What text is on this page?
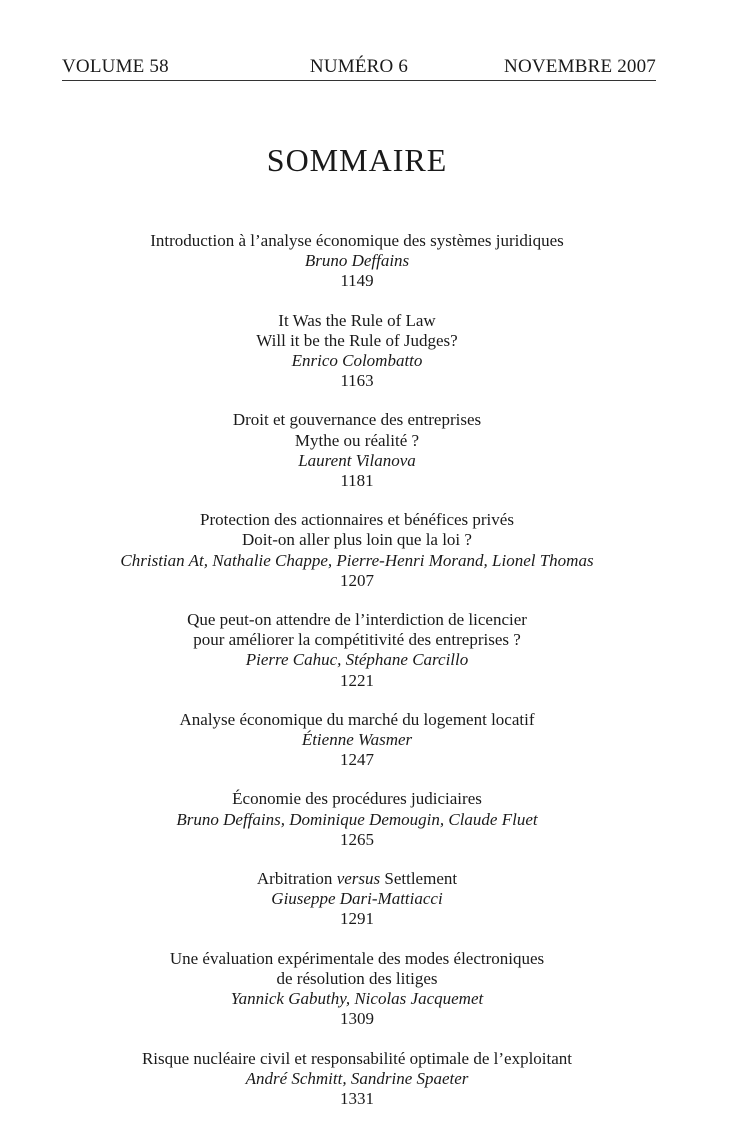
VOLUME 58	NUMÉRO 6	NOVEMBRE 2007
SOMMAIRE
Introduction à l’analyse économique des systèmes juridiques
Bruno Deffains
1149
It Was the Rule of Law
Will it be the Rule of Judges?
Enrico Colombatto
1163
Droit et gouvernance des entreprises
Mythe ou réalité ?
Laurent Vilanova
1181
Protection des actionnaires et bénéfices privés
Doit-on aller plus loin que la loi ?
Christian At, Nathalie Chappe, Pierre-Henri Morand, Lionel Thomas
1207
Que peut-on attendre de l’interdiction de licencier
pour améliorer la compétitivité des entreprises ?
Pierre Cahuc, Stéphane Carcillo
1221
Analyse économique du marché du logement locatif
Étienne Wasmer
1247
Économie des procédures judiciaires
Bruno Deffains, Dominique Demougin, Claude Fluet
1265
Arbitration versus Settlement
Giuseppe Dari-Mattiacci
1291
Une évaluation expérimentale des modes électroniques
de résolution des litiges
Yannick Gabuthy, Nicolas Jacquemet
1309
Risque nucléaire civil et responsabilité optimale de l’exploitant
André Schmitt, Sandrine Spaeter
1331
